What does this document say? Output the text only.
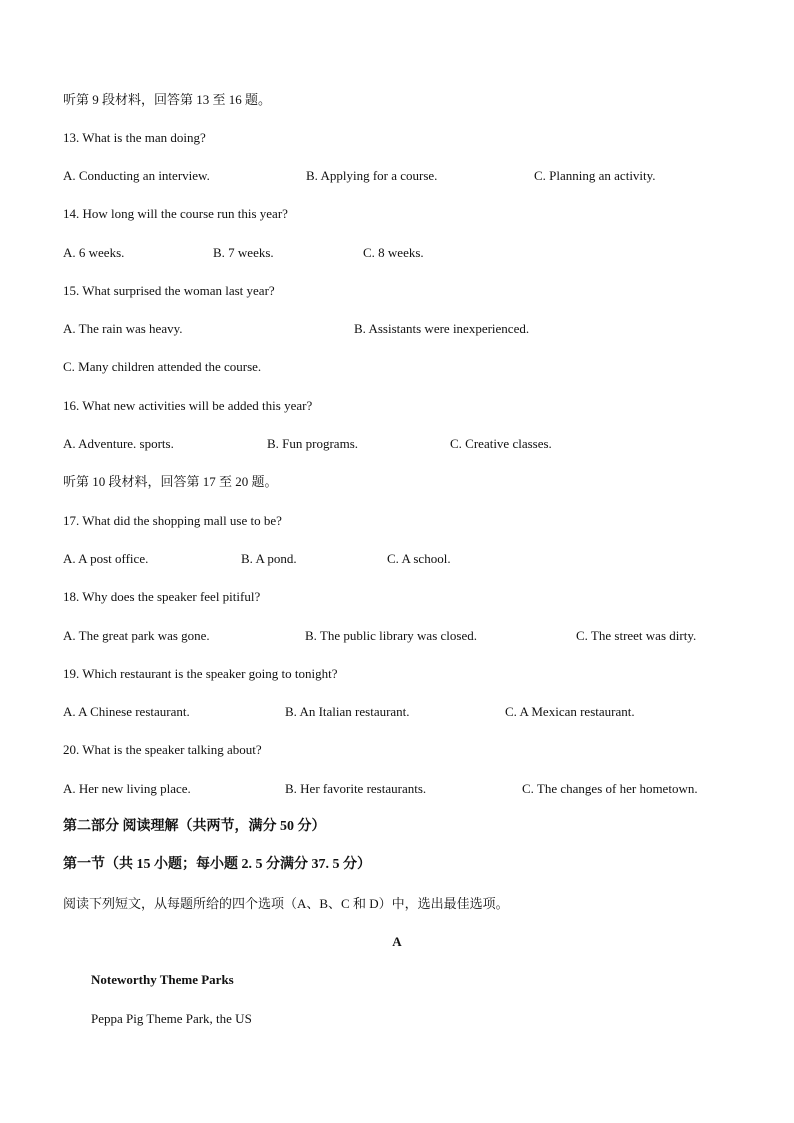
听第 9 段材料，回答第 13 至 16 题。
13. What is the man doing?
A. Conducting an interview.	B. Applying for a course.	C. Planning an activity.
14. How long will the course run this year?
A. 6 weeks.	B. 7 weeks.	C. 8 weeks.
15. What surprised the woman last year?
A. The rain was heavy.	B. Assistants were inexperienced.
C. Many children attended the course.
16. What new activities will be added this year?
A. Adventure. sports.	B. Fun programs.	C. Creative classes.
听第 10 段材料，回答第 17 至 20 题。
17. What did the shopping mall use to be?
A. A post office.	B. A pond.	C. A school.
18. Why does the speaker feel pitiful?
A. The great park was gone.	B. The public library was closed.	C. The street was dirty.
19. Which restaurant is the speaker going to tonight?
A. A Chinese restaurant.	B. An Italian restaurant.	C. A Mexican restaurant.
20. What is the speaker talking about?
A. Her new living place.	B. Her favorite restaurants.	C. The changes of her hometown.
第二部分 阅读理解（共两节，满分 50 分）
第一节（共 15 小题；每小题 2. 5 分满分 37. 5 分）
阅读下列短文，从每题所给的四个选项（A、B、C 和 D）中，选出最佳选项。
A
Noteworthy Theme Parks
Peppa Pig Theme Park, the US
